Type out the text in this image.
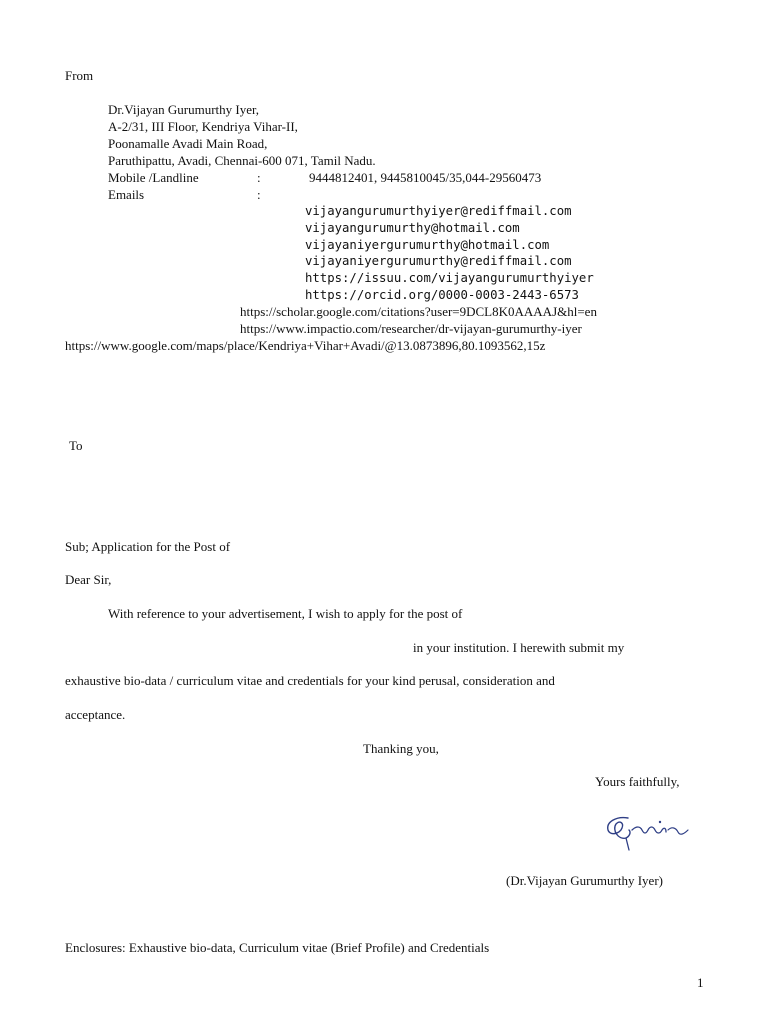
From
Dr.Vijayan Gurumurthy Iyer,
A-2/31, III Floor, Kendriya Vihar-II,
Poonamalle Avadi Main Road,
Paruthipattu, Avadi, Chennai-600 071, Tamil Nadu.
Mobile /Landline	:	9444812401, 9445810045/35,044-29560473
Emails	:
vijayangurumurthyiyer@rediffmail.com
vijayangurumurthy@hotmail.com
vijayaniyergurumurthy@hotmail.com
vijayaniyergurumurthy@rediffmail.com
https://issuu.com/vijayangurumurthyiyer
https://orcid.org/0000-0003-2443-6573
https://scholar.google.com/citations?user=9DCL8K0AAAAJ&hl=en
https://www.impactio.com/researcher/dr-vijayan-gurumurthy-iyer
https://www.google.com/maps/place/Kendriya+Vihar+Avadi/@13.0873896,80.1093562,15z
To
Sub; Application for the Post of
Dear Sir,
With reference to your advertisement, I wish to apply for the post of
in your institution. I herewith submit my
exhaustive bio-data / curriculum vitae and credentials for your kind perusal, consideration and
acceptance.
Thanking you,
Yours faithfully,
(Dr.Vijayan Gurumurthy Iyer)
Enclosures: Exhaustive bio-data, Curriculum vitae (Brief Profile) and Credentials
1
